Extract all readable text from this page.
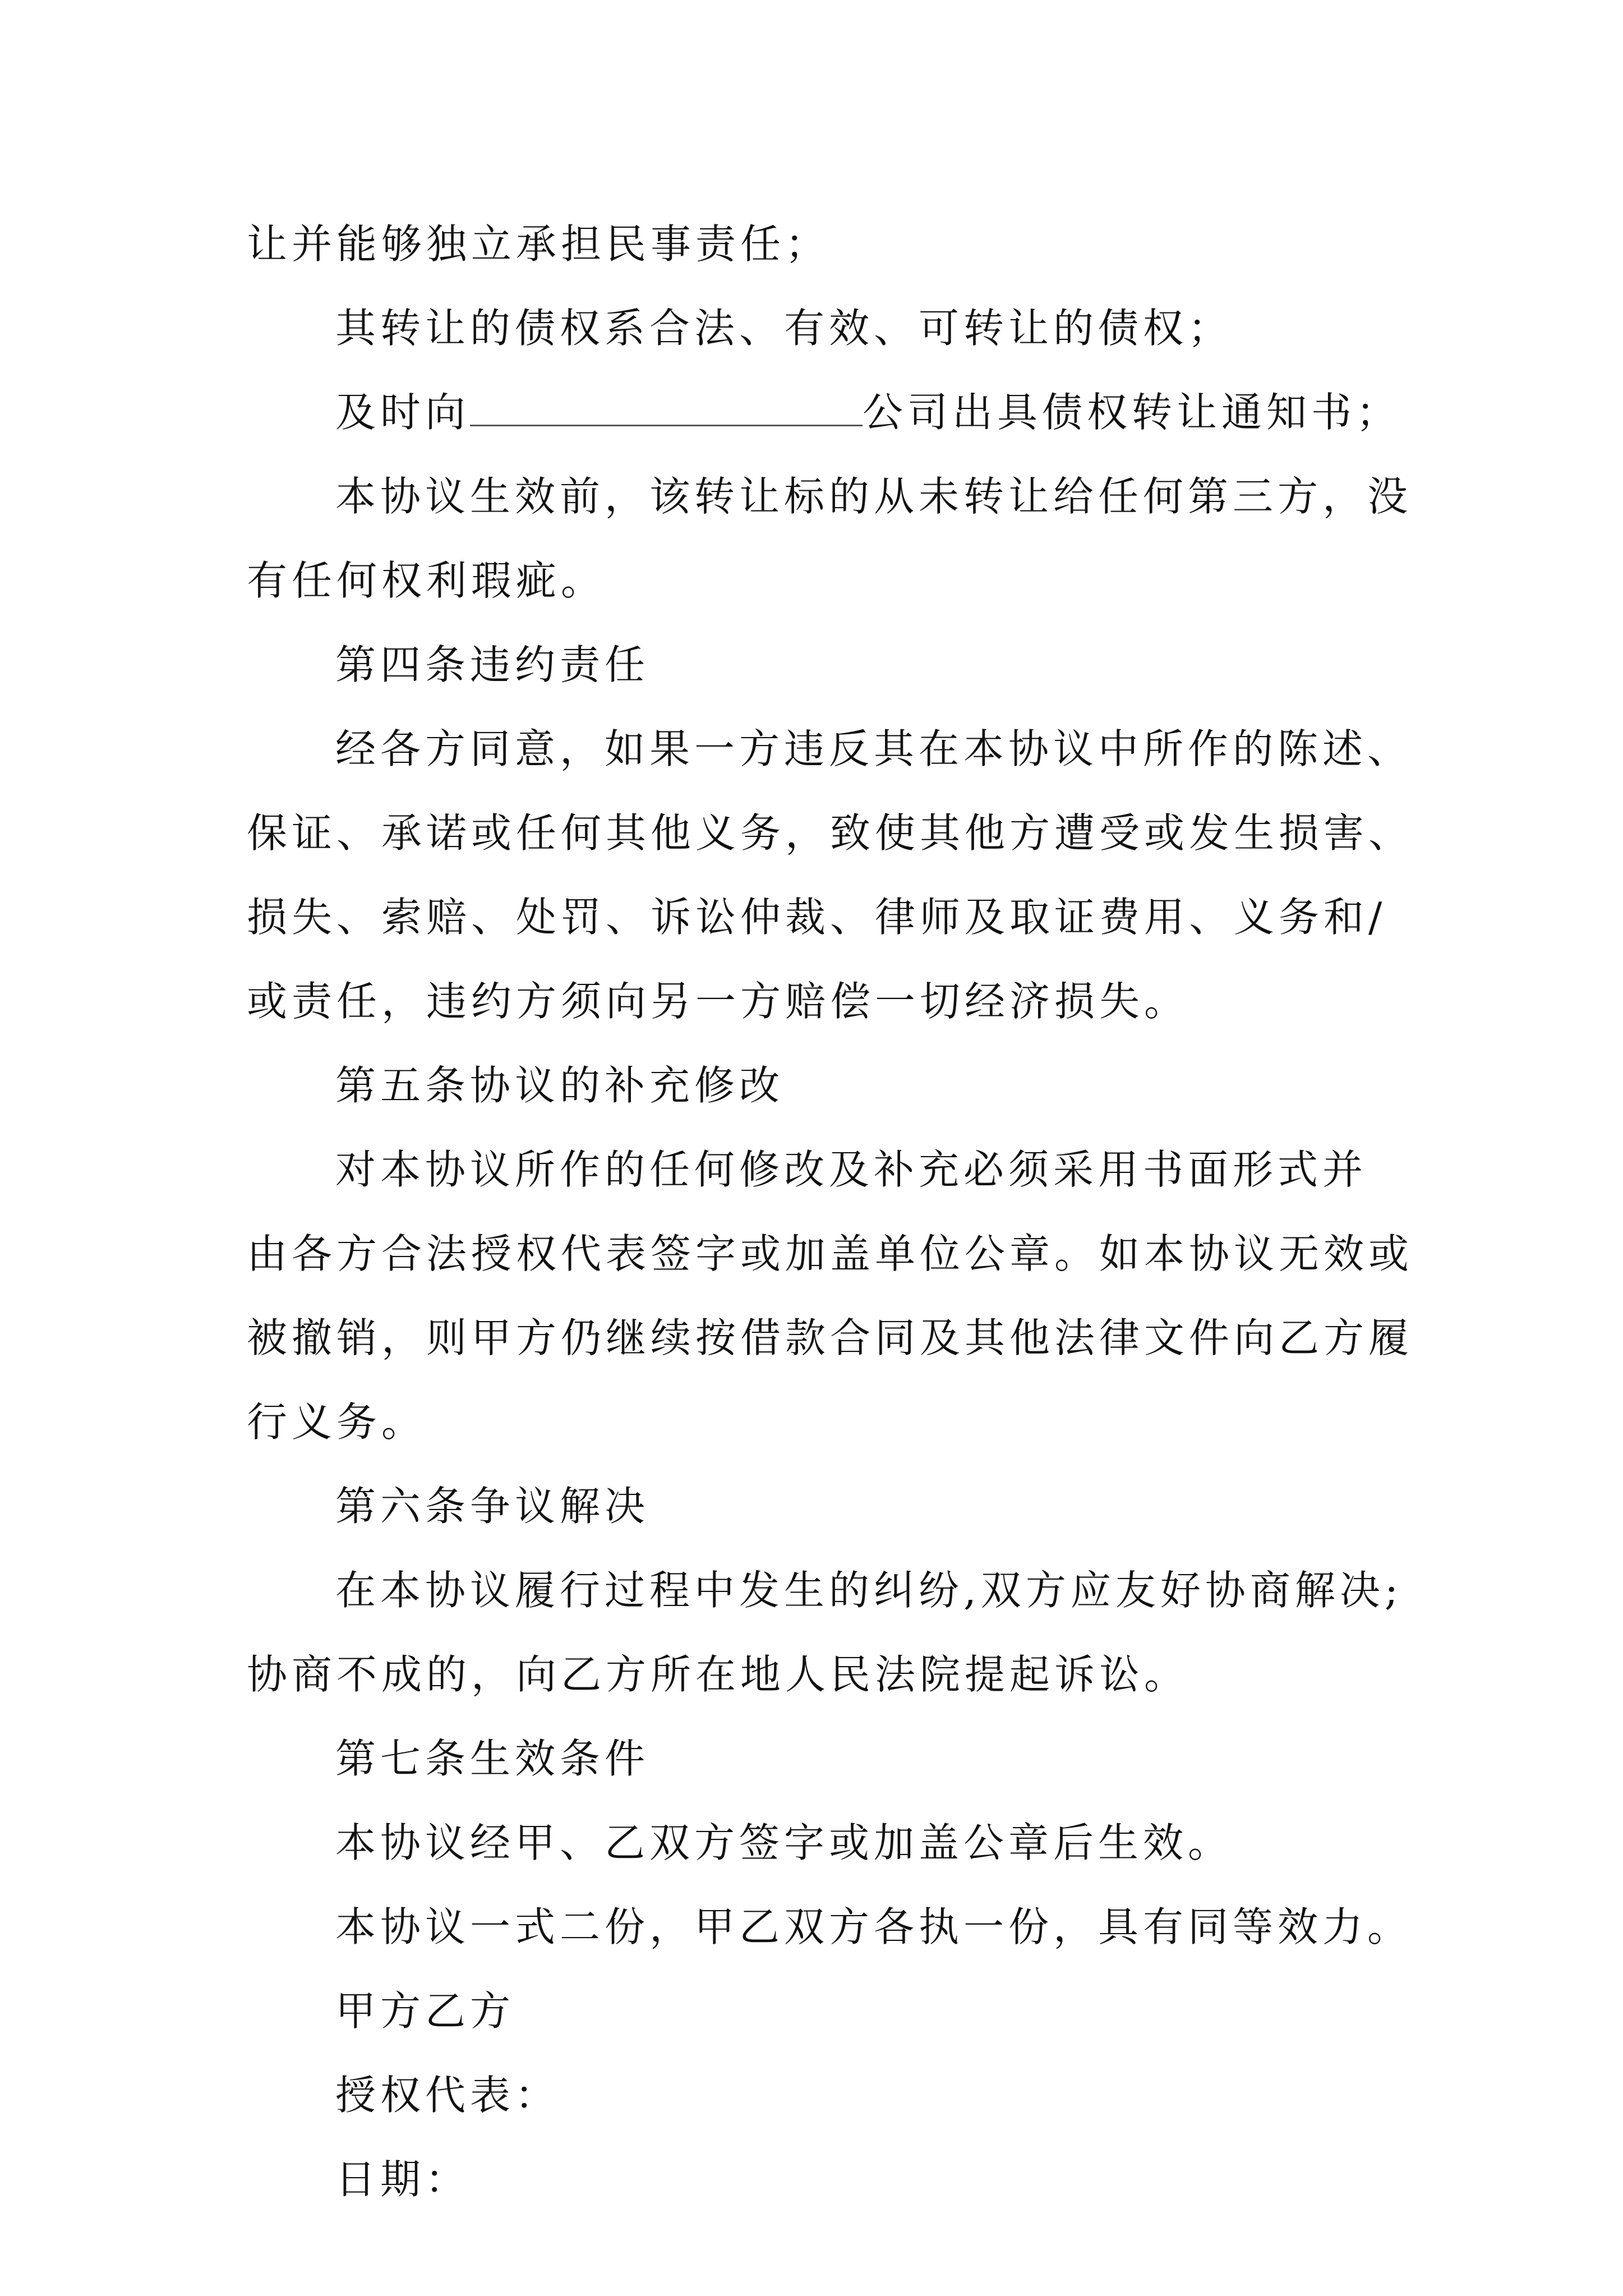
让并能够独立承担民事责任；
其转让的债权系合法、有效、可转让的债权；
及时向	公司出具债权转让通知书；
本协议生效前，该转让标的从未转让给任何第三方，没
有任何权利瑕疵。
第四条违约责任
经各方同意，如果一方违反其在本协议中所作的陈述、
保证、承诺或任何其他义务，致使其他方遭受或发生损害、
损失、索赔、处罚、诉讼仲裁、律师及取证费用、义务和/
或责任，违约方须向另一方赔偿一切经济损失。
第五条协议的补充修改
对本协议所作的任何修改及补充必须采用书面形式并
由各方合法授权代表签字或加盖单位公章。如本协议无效或
被撤销，则甲方仍继续按借款合同及其他法律文件向乙方履
行义务。
第六条争议解决
在本协议履行过程中发生的纠纷,双方应友好协商解决;
协商不成的，向乙方所在地人民法院提起诉讼。
第七条生效条件
本协议经甲、乙双方签字或加盖公章后生效。
本协议一式二份，甲乙双方各执一份，具有同等效力。
甲方乙方
授权代表：
日期：
